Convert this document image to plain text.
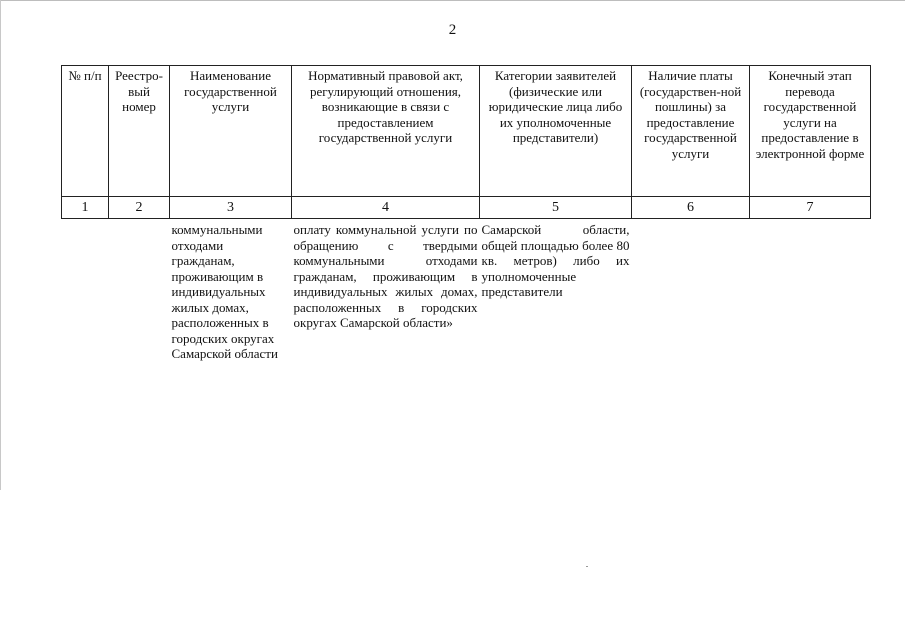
2
№ п/п	Реестро-вый номер	Наименование государственной услуги	Нормативный правовой акт, регулирующий отношения, возникающие в связи с предоставлением государственной услуги	Категории заявителей (физические или юридические лица либо их уполномоченные представители)	Наличие платы (государствен-ной пошлины) за предоставление государственной услуги	Конечный этап перевода государственной услуги на предоставление в электронной форме
1	2	3	4	5	6	7

		коммунальными отходами гражданам, проживающим в индивидуальных жилых домах, расположенных в городских округах Самарской области	оплату коммунальной услуги по обращению с твердыми коммунальными отходами гражданам, проживающим в индивидуальных жилых домах, расположенных в городских округах Самарской области»	Самарской области, общей площадью более 80 кв. метров) либо их уполномоченные представители		
